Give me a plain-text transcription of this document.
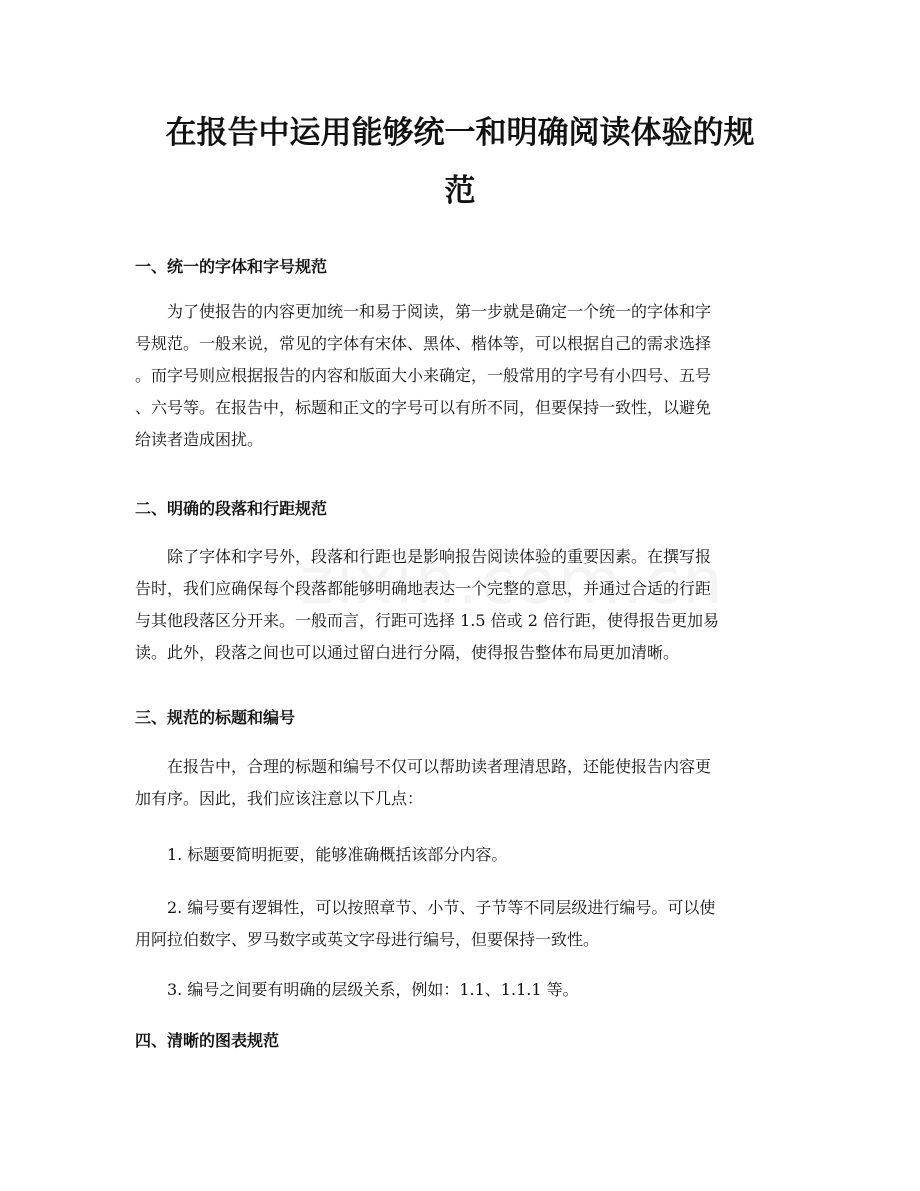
在报告中运用能够统一和明确阅读体验的规
范
一、统一的字体和字号规范

为了使报告的内容更加统一和易于阅读，第一步就是确定一个统一的字体和字
号规范。一般来说，常见的字体有宋体、黑体、楷体等，可以根据自己的需求选择
。而字号则应根据报告的内容和版面大小来确定，一般常用的字号有小四号、五号
、六号等。在报告中，标题和正文的字号可以有所不同，但要保持一致性，以避免
给读者造成困扰。

二、明确的段落和行距规范

除了字体和字号外，段落和行距也是影响报告阅读体验的重要因素。在撰写报
告时，我们应确保每个段落都能够明确地表达一个完整的意思，并通过合适的行距
与其他段落区分开来。一般而言，行距可选择 1.5 倍或 2 倍行距，使得报告更加易
读。此外，段落之间也可以通过留白进行分隔，使得报告整体布局更加清晰。

三、规范的标题和编号

在报告中，合理的标题和编号不仅可以帮助读者理清思路，还能使报告内容更
加有序。因此，我们应该注意以下几点：

1. 标题要简明扼要，能够准确概括该部分内容。

2. 编号要有逻辑性，可以按照章节、小节、子节等不同层级进行编号。可以使
用阿拉伯数字、罗马数字或英文字母进行编号，但要保持一致性。

3. 编号之间要有明确的层级关系，例如：1.1、1.1.1 等。

四、清晰的图表规范
